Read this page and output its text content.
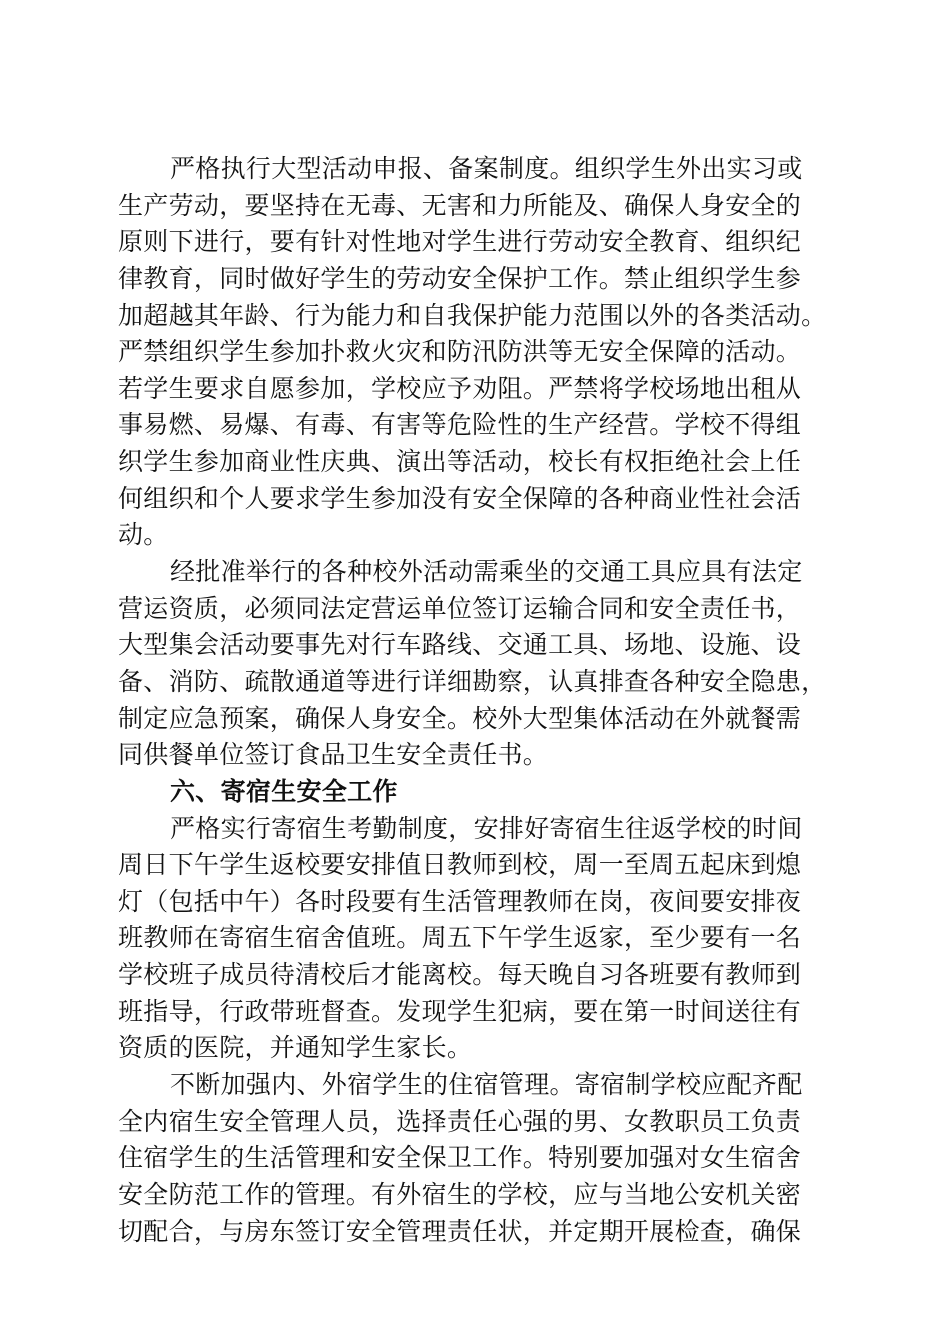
严格执行大型活动申报、备案制度。组织学生外出实习或
生产劳动，要坚持在无毒、无害和力所能及、确保人身安全的
原则下进行，要有针对性地对学生进行劳动安全教育、组织纪
律教育，同时做好学生的劳动安全保护工作。禁止组织学生参
加超越其年龄、行为能力和自我保护能力范围以外的各类活动。
严禁组织学生参加扑救火灾和防汛防洪等无安全保障的活动。
若学生要求自愿参加，学校应予劝阻。严禁将学校场地出租从
事易燃、易爆、有毒、有害等危险性的生产经营。学校不得组
织学生参加商业性庆典、演出等活动，校长有权拒绝社会上任
何组织和个人要求学生参加没有安全保障的各种商业性社会活
动。
经批准举行的各种校外活动需乘坐的交通工具应具有法定
营运资质，必须同法定营运单位签订运输合同和安全责任书，
大型集会活动要事先对行车路线、交通工具、场地、设施、设
备、消防、疏散通道等进行详细勘察，认真排查各种安全隐患，
制定应急预案，确保人身安全。校外大型集体活动在外就餐需
同供餐单位签订食品卫生安全责任书。
六、寄宿生安全工作
严格实行寄宿生考勤制度，安排好寄宿生往返学校的时间
周日下午学生返校要安排值日教师到校，周一至周五起床到熄
灯（包括中午）各时段要有生活管理教师在岗，夜间要安排夜
班教师在寄宿生宿舍值班。周五下午学生返家，至少要有一名
学校班子成员待清校后才能离校。每天晚自习各班要有教师到
班指导，行政带班督查。发现学生犯病，要在第一时间送往有
资质的医院，并通知学生家长。
不断加强内、外宿学生的住宿管理。寄宿制学校应配齐配
全内宿生安全管理人员，选择责任心强的男、女教职员工负责
住宿学生的生活管理和安全保卫工作。特别要加强对女生宿舍
安全防范工作的管理。有外宿生的学校，应与当地公安机关密
切配合，与房东签订安全管理责任状，并定期开展检查，确保
